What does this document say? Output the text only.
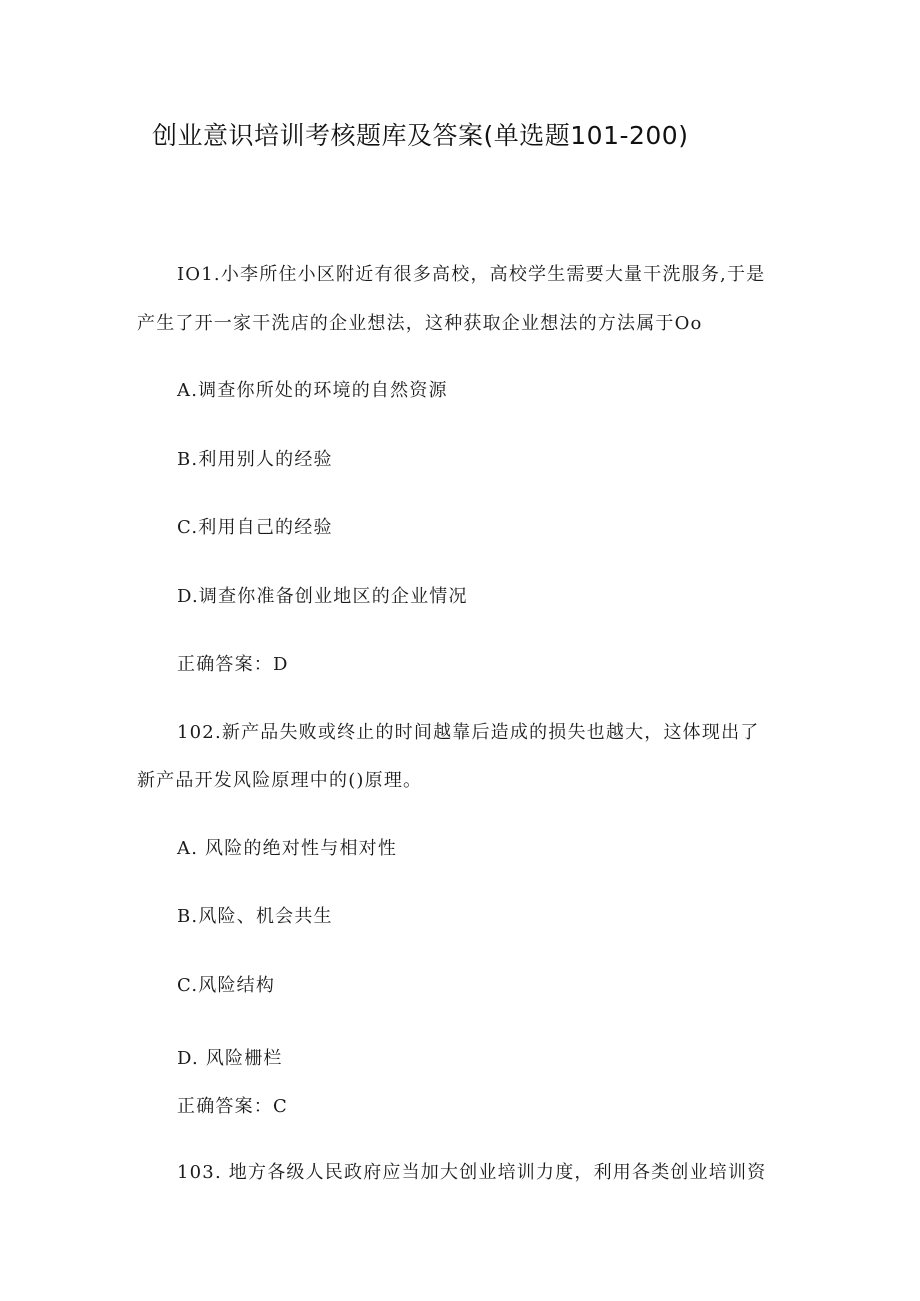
创业意识培训考核题库及答案(单选题101-200)
IO1.小李所住小区附近有很多高校，高校学生需要大量干洗服务,于是
产生了开一家干洗店的企业想法，这种获取企业想法的方法属于Oo
A.调查你所处的环境的自然资源
B.利用别人的经验
C.利用自己的经验
D.调查你准备创业地区的企业情况
正确答案：D
102.新产品失败或终止的时间越靠后造成的损失也越大，这体现出了
新产品开发风险原理中的()原理。
A. 风险的绝对性与相对性
B.风险、机会共生
C.风险结构
D. 风险栅栏
正确答案：C
103. 地方各级人民政府应当加大创业培训力度，利用各类创业培训资
